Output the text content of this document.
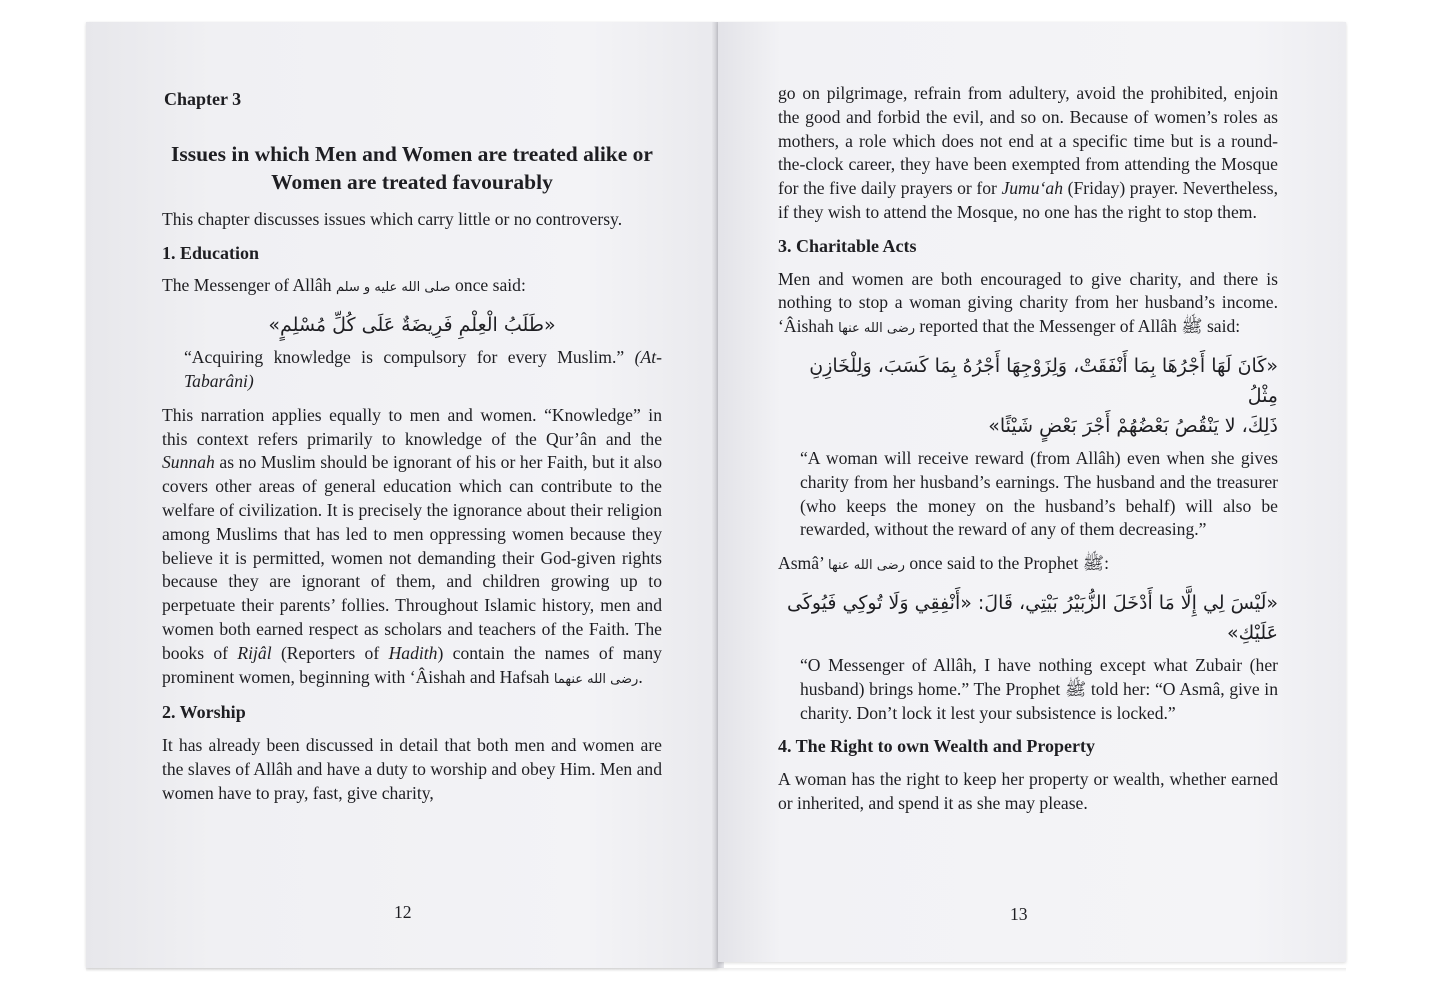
Chapter 3
Issues in which Men and Women are treated alike or Women are treated favourably

This chapter discusses issues which carry little or no controversy.

1. Education

The Messenger of Allâh صلى الله عليه و سلم once said:

«طَلَبُ الْعِلْمِ فَرِيضَةٌ عَلَى كُلِّ مُسْلِمٍ»

“Acquiring knowledge is compulsory for every Muslim.” (At-Tabarâni)

This narration applies equally to men and women. “Knowledge” in this context refers primarily to knowledge of the Qur’ân and the Sunnah as no Muslim should be ignorant of his or her Faith, but it also covers other areas of general education which can contribute to the welfare of civilization. It is precisely the ignorance about their religion among Muslims that has led to men oppressing women because they believe it is permitted, women not demanding their God-given rights because they are ignorant of them, and children growing up to perpetuate their parents’ follies. Throughout Islamic history, men and women both earned respect as scholars and teachers of the Faith. The books of Rijâl (Reporters of Hadith) contain the names of many prominent women, beginning with ‘Âishah and Hafsah رضى الله عنهما.

2. Worship

It has already been discussed in detail that both men and women are the slaves of Allâh and have a duty to worship and obey Him. Men and women have to pray, fast, give charity,

12

go on pilgrimage, refrain from adultery, avoid the prohibited, enjoin the good and forbid the evil, and so on. Because of women’s roles as mothers, a role which does not end at a specific time but is a round-the-clock career, they have been exempted from attending the Mosque for the five daily prayers or for Jumu‘ah (Friday) prayer. Nevertheless, if they wish to attend the Mosque, no one has the right to stop them.

3. Charitable Acts

Men and women are both encouraged to give charity, and there is nothing to stop a woman giving charity from her husband’s income. ‘Âishah رضى الله عنها reported that the Messenger of Allâh ﷺ said:

«كَانَ لَهَا أَجْرُهَا بِمَا أَنْفَقَتْ، وَلِزَوْجِهَا أَجْرُهُ بِمَا كَسَبَ، وَلِلْخَازِنِ مِثْلُ
ذَلِكَ، لا يَنْقُصُ بَعْضُهُمْ أَجْرَ بَعْضٍ شَيْئًا»

“A woman will receive reward (from Allâh) even when she gives charity from her husband’s earnings. The husband and the treasurer (who keeps the money on the husband’s behalf) will also be rewarded, without the reward of any of them decreasing.”

Asmâ’ رضى الله عنها once said to the Prophet ﷺ:

«لَيْسَ لِي إِلَّا مَا أَدْخَلَ الزُّبَيْرُ بَيْتِي، قَالَ: «أَنْفِقِي وَلَا تُوكِي فَيُوكَى
عَلَيْكِ»

“O Messenger of Allâh, I have nothing except what Zubair (her husband) brings home.” The Prophet ﷺ told her: “O Asmâ, give in charity. Don’t lock it lest your subsistence is locked.”

4. The Right to own Wealth and Property

A woman has the right to keep her property or wealth, whether earned or inherited, and spend it as she may please.

13
